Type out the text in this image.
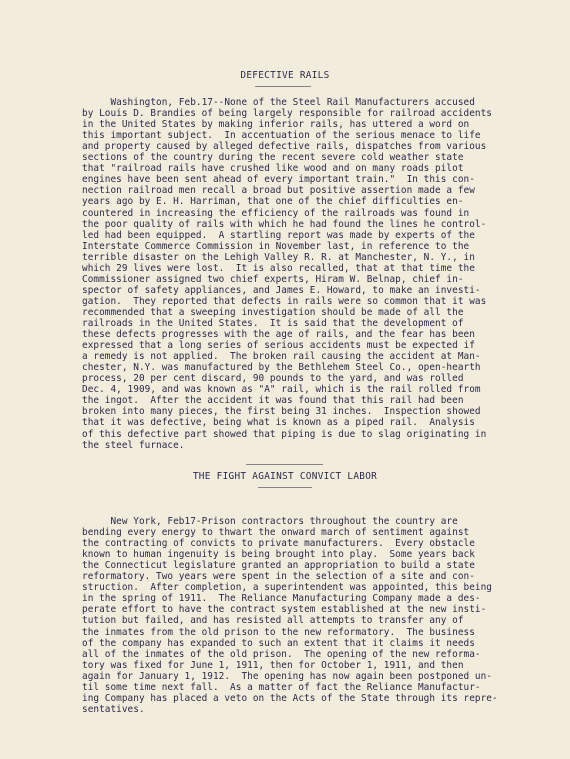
DEFECTIVE RAILS
Washington, Feb.17--None of the Steel Rail Manufacturers accused
by Louis D. Brandies of being largely responsible for railroad accidents
in the United States by making inferior rails, has uttered a word on
this important subject.  In accentuation of the serious menace to life
and property caused by alleged defective rails, dispatches from various
sections of the country during the recent severe cold weather state
that "railroad rails have crushed like wood and on many roads pilot
engines have been sent ahead of every important train."  In this con-
nection railroad men recall a broad but positive assertion made a few
years ago by E. H. Harriman, that one of the chief difficulties en-
countered in increasing the efficiency of the railroads was found in
the poor quality of rails with which he had found the lines he control-
led had been equipped.  A startling report was made by experts of the
Interstate Commerce Commission in November last, in reference to the
terrible disaster on the Lehigh Valley R. R. at Manchester, N. Y., in
which 29 lives were lost.  It is also recalled, that at that time the
Commissioner assigned two chief experts, Hiram W. Belnap, chief in-
spector of safety appliances, and James E. Howard, to make an investi-
gation.  They reported that defects in rails were so common that it was
recommended that a sweeping investigation should be made of all the
railroads in the United States.  It is said that the development of
these defects progresses with the age of rails, and the fear has been
expressed that a long series of serious accidents must be expected if
a remedy is not applied.  The broken rail causing the accident at Man-
chester, N.Y. was manufactured by the Bethlehem Steel Co., open-hearth
process, 20 per cent discard, 90 pounds to the yard, and was rolled
Dec. 4, 1909, and was known as "A" rail, which is the rail rolled from
the ingot.  After the accident it was found that this rail had been
broken into many pieces, the first being 31 inches.  Inspection showed
that it was defective, being what is known as a piped rail.  Analysis
of this defective part showed that piping is due to slag originating in
the steel furnace.
THE FIGHT AGAINST CONVICT LABOR
New York, Feb17-Prison contractors throughout the country are
bending every energy to thwart the onward march of sentiment against
the contracting of convicts to private manufacturers.  Every obstacle
known to human ingenuity is being brought into play.  Some years back
the Connecticut legislature granted an appropriation to build a state
reformatory. Two years were spent in the selection of a site and con-
struction.  After completion, a superintendent was appointed, this being
in the spring of 1911.  The Reliance Manufacturing Company made a des-
perate effort to have the contract system established at the new insti-
tution but failed, and has resisted all attempts to transfer any of
the inmates from the old prison to the new reformatory.  The business
of the company has expanded to such an extent that it claims it needs
all of the inmates of the old prison.  The opening of the new reforma-
tory was fixed for June 1, 1911, then for October 1, 1911, and then
again for January 1, 1912.  The opening has now again been postponed un-
til some time next fall.  As a matter of fact the Reliance Manufactur-
ing Company has placed a veto on the Acts of the State through its repre-
sentatives.
